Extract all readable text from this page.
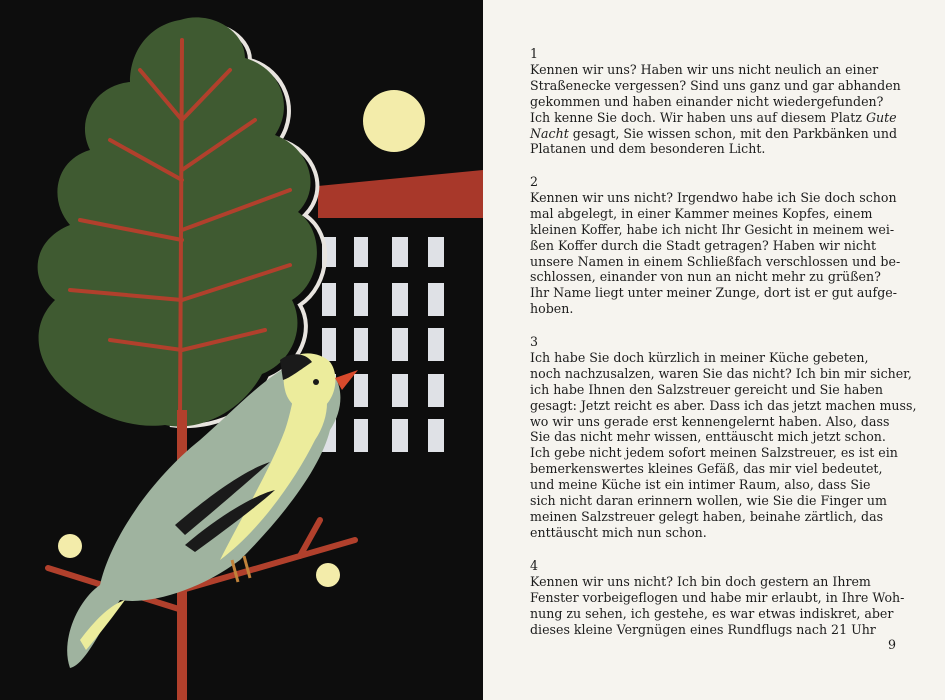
1

Kennen wir uns? Haben wir uns nicht neulich an einer
Straßenecke vergessen? Sind uns ganz und gar abhanden
gekommen und haben einander nicht wiedergefunden?
Ich kenne Sie doch. Wir haben uns auf diesem Platz Gute
Nacht gesagt, Sie wissen schon, mit den Parkbänken und
Platanen und dem besonderen Licht.

2

Kennen wir uns nicht? Irgendwo habe ich Sie doch schon
mal abgelegt, in einer Kammer meines Kopfes, einem
kleinen Koffer, habe ich nicht Ihr Gesicht in meinem wei-
ßen Koffer durch die Stadt getragen? Haben wir nicht
unsere Namen in einem Schließfach verschlossen und be-
schlossen, einander von nun an nicht mehr zu grüßen?
Ihr Name liegt unter meiner Zunge, dort ist er gut aufge-
hoben.

3

Ich habe Sie doch kürzlich in meiner Küche gebeten,
noch nachzusalzen, waren Sie das nicht? Ich bin mir sicher,
ich habe Ihnen den Salzstreuer gereicht und Sie haben
gesagt: Jetzt reicht es aber. Dass ich das jetzt machen muss,
wo wir uns gerade erst kennengelernt haben. Also, dass
Sie das nicht mehr wissen, enttäuscht mich jetzt schon.
Ich gebe nicht jedem sofort meinen Salzstreuer, es ist ein
bemerkenswertes kleines Gefäß, das mir viel bedeutet,
und meine Küche ist ein intimer Raum, also, dass Sie
sich nicht daran erinnern wollen, wie Sie die Finger um
meinen Salzstreuer gelegt haben, beinahe zärtlich, das
enttäuscht mich nun schon.

4

Kennen wir uns nicht? Ich bin doch gestern an Ihrem
Fenster vorbeigeflogen und habe mir erlaubt, in Ihre Woh-
nung zu sehen, ich gestehe, es war etwas indiskret, aber
dieses kleine Vergnügen eines Rundflugs nach 21 Uhr

9
